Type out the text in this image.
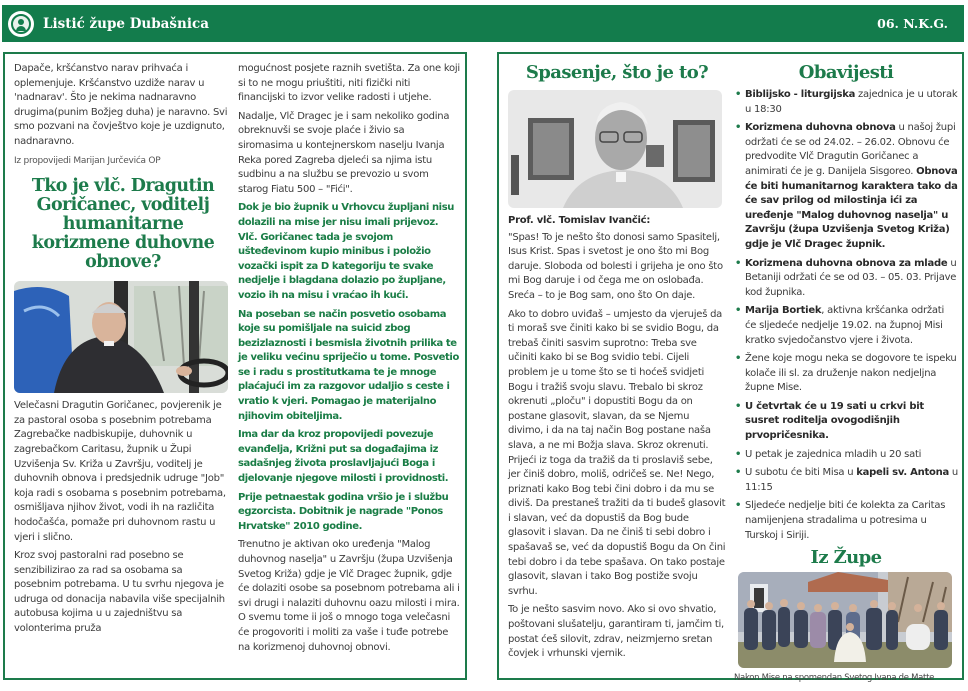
Listić župe Dubašnica	06. N.K.G.

Dapače, kršćanstvo narav prihvaća i oplemenjuje. Kršćanstvo uzdiže narav u 'nadnarav'. Što je nekima nadnaravno drugima(punim Božjeg duha) je naravno. Svi smo pozvani na čovještvo koje je uzdignuto, nadnaravno.

Iz propovijedi Marijan Jurčevića OP

Tko je vlč. Dragutin Goričanec, voditelj humanitarne korizmene duhovne obnove?

Velečasni Dragutin Goričanec, povjerenik je za pastoral osoba s posebnim potrebama Zagrebačke nadbiskupije, duhovnik u zagrebačkom Caritasu, župnik u Župi Uzvišenja Sv. Križa u Završju, voditelj je duhovnih obnova i predsjednik udruge "Job" koja radi s osobama s posebnim potrebama, osmišljava njihov život, vodi ih na različita hodočašća, pomaže pri duhovnom rastu u vjeri i slično.

Kroz svoj pastoralni rad posebno se senzibilizirao za rad sa osobama sa posebnim potrebama. U tu svrhu njegova je udruga od donacija nabavila više specijalnih autobusa kojima u u zajedništvu sa volonterima pruža

mogućnost posjete raznih svetišta. Za one koji si to ne mogu priuštiti, niti fizički niti financijski to izvor velike radosti i utjehe.

Nadalje, Vlč Dragec je i sam nekoliko godina obreknuvši se svoje plaće i živio sa siromasima u kontejnerskom naselju Ivanja Reka pored Zagreba djeleći sa njima istu sudbinu a na službu se prevozio u svom starog Fiatu 500 – "Fići".

Dok je bio župnik u Vrhovcu župljani nisu dolazili na mise jer nisu imali prijevoz. Vlč. Goričanec tada je svojom ušteđevinom kupio minibus i položio vozački ispit za D kategoriju te svake nedjelje i blagdana dolazio po župljane, vozio ih na misu i vraćao ih kući.

Na poseban se način posvetio osobama koje su pomišljale na suicid zbog bezizlaznosti i besmisla životnih prilika te je veliku većinu spriječio u tome. Posvetio se i radu s prostitutkama te je mnoge plaćajući im za razgovor udaljio s ceste i vratio k vjeri. Pomagao je materijalno njihovim obiteljima.

Ima dar da kroz propovijedi povezuje evanđelja, Križni put sa događajima iz sadašnjeg života proslavljajući Boga i djelovanje njegove milosti i providnosti.

Prije petnaestak godina vršio je i službu egzorcista. Dobitnik je nagrade "Ponos Hrvatske" 2010 godine.

Trenutno je aktivan oko uređenja "Malog duhovnog naselja" u Završju (župa Uzvišenja Svetog Križa) gdje je Vlč Dragec župnik, gdje će dolaziti osobe sa posebnom potrebama ali i svi drugi i nalaziti duhovnu oazu milosti i mira. O svemu tome ii još o mnogo toga velečasni će progovoriti i moliti za vaše i tuđe potrebe na korizmenoj duhovnoj obnovi.

Spasenje, što je to?

Prof. vlč. Tomislav Ivančić:

"Spas! To je nešto što donosi samo Spasitelj, Isus Krist. Spas i svetost je ono što mi Bog daruje. Sloboda od bolesti i grijeha je ono što mi Bog daruje i od čega me on oslobađa. Sreća – to je Bog sam, ono što On daje.

Ako to dobro uviđaš – umjesto da vjeruješ da ti moraš sve činiti kako bi se svidio Bogu, da trebaš činiti sasvim suprotno: Treba sve učiniti kako bi se Bog svidio tebi. Cijeli problem je u tome što se ti hoćeš svidjeti Bogu i tražiš svoju slavu. Trebalo bi skroz okrenuti „ploču" i dopustiti Bogu da on postane glasovit, slavan, da se Njemu divimo, i da na taj način Bog postane naša slava, a ne mi Božja slava. Skroz okrenuti. Prijeći iz toga da tražiš da ti proslaviš sebe, jer činiš dobro, moliš, odričeš se. Ne! Nego, priznati kako Bog tebi čini dobro i da mu se diviš. Da prestaneš tražiti da ti budeš glasovit i slavan, već da dopustiš da Bog bude glasovit i slavan. Da ne činiš ti sebi dobro i spašavaš se, već da dopustiš Bogu da On čini tebi dobro i da tebe spašava. On tako postaje glasovit, slavan i tako Bog postiže svoju svrhu.

To je nešto sasvim novo. Ako si ovo shvatio, poštovani slušatelju, garantiram ti, jamčim ti, postat ćeš silovit, zdrav, neizmjerno sretan čovjek i vrhunski vjernik.

Obavijesti
• Biblijsko - liturgijska zajednica je u utorak u 18:30
• Korizmena duhovna obnova u našoj župi održati će se od 24.02. – 26.02. Obnovu će predvodite Vlč Dragutin Goričanec a animirati će je g. Danijela Sisgoreo. Obnova će biti humanitarnog karaktera tako da će sav prilog od milostinja ići za uređenje "Malog duhovnog naselja" u Završju (župa Uzvišenja Svetog Križa) gdje je Vlč Dragec župnik.
• Korizmena duhovna obnova za mlade u Betaniji održati će se od 03. – 05. 03. Prijave kod župnika.
• Marija Bortiek, aktivna kršćanka održati će sljedeće nedjelje 19.02. na župnoj Misi kratko svjedočanstvo vjere i života.
• Žene koje mogu neka se dogovore te ispeku kolače ili sl. za druženje nakon nedjeljna župne Mise.
• U četvrtak će u 19 sati u crkvi bit susret roditelja ovogodišnjih prvopričesnika.
• U petak je zajednica mladih u 20 sati
• U subotu će biti Misa u kapeli sv. Antona u 11:15
• Sljedeće nedjelje biti će kolekta za Caritas namijenjena stradalima u potresima u Turskoj i Siriji.
Iz Župe

Nakon Mise na spomendan Svetog Ivana de Matte
